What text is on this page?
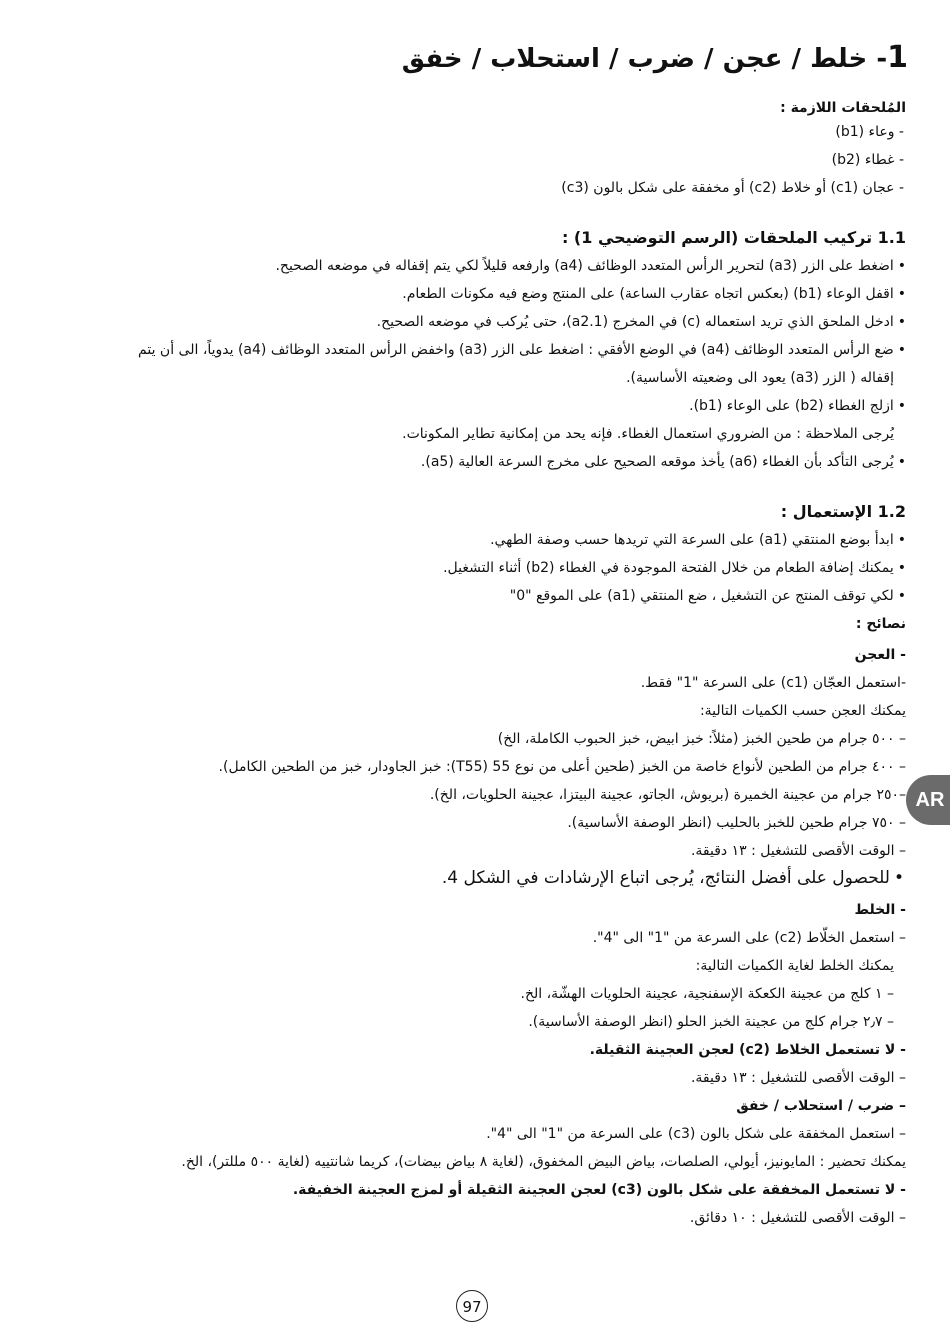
1- خلط / عجن / ضرب / استحلاب / خفق
المُلحقات اللازمة :
- وعاء (b1)
- غطاء (b2)
- عجان (c1) أو خلاط (c2) أو مخفقة على شكل بالون (c3)
1.1 تركيب الملحقات (الرسم التوضيحي 1) :
• اضغط على الزر (a3) لتحرير الرأس المتعدد الوظائف (a4) وارفعه قليلاً لكي يتم إقفاله في موضعه الصحيح.
• اقفل الوعاء (b1) (بعكس اتجاه عقارب الساعة) على المنتج وضع فيه مكونات الطعام.
• ادخل الملحق الذي تريد استعماله (c) في المخرج (a2.1)، حتى يُركب في موضعه الصحيح.
• ضع الرأس المتعدد الوظائف (a4) في الوضع الأفقي : اضغط على الزر (a3) واخفض الرأس المتعدد الوظائف (a4) يدوياً، الى أن يتم
إقفاله ( الزر (a3) يعود الى وضعيته الأساسية).
• ازلج الغطاء (b2) على الوعاء (b1).
يُرجى الملاحظة : من الضروري استعمال الغطاء. فإنه يحد من إمكانية تطاير المكونات.
• يُرجى التأكد بأن الغطاء (a6) يأخذ موقعه الصحيح على مخرج السرعة العالية (a5).
1.2 الإستعمال :
• ابدأ بوضع المنتقي (a1) على السرعة التي تريدها حسب وصفة الطهي.
• يمكنك إضافة الطعام من خلال الفتحة الموجودة في الغطاء (b2) أثناء التشغيل.
• لكي توقف المنتج عن التشغيل ، ضع المنتقي (a1) على الموقع "0"
نصائح :
- العجن
-استعمل العجّان (c1) على السرعة "1" فقط.
يمكنك العجن حسب الكميات التالية:
– ٥٠٠ جرام من طحين الخبز (مثلاً: خبز ابيض، خبز الحبوب الكاملة، الخ)
– ٤٠٠ جرام من الطحين لأنواع خاصة من الخبز (طحين أعلى من نوع 55 (T55): خبز الجاودار، خبز من الطحين الكامل).
–٢٥٠ جرام من عجينة الخميرة (بريوش، الجاتو، عجينة البيتزا، عجينة الحلويات، الخ).
– ٧٥٠ جرام طحين للخبز بالحليب (انظر الوصفة الأساسية).
– الوقت الأقصى للتشغيل : ١٣ دقيقة.
• للحصول على أفضل النتائج، يُرجى اتباع الإرشادات في الشكل 4.
- الخلط
– استعمل الخلّاط (c2) على السرعة من "1" الى "4".
يمكنك الخلط لغاية الكميات التالية:
– ١ كلج من عجينة الكعكة الإسفنجية، عجينة الحلويات الهشّة، الخ.
– ٢٫٧ جرام كلج من عجينة الخبز الحلو (انظر الوصفة الأساسية).
- لا تستعمل الخلاط (c2) لعجن العجينة الثقيلة.
– الوقت الأقصى للتشغيل : ١٣ دقيقة.
– ضرب / استحلاب / خفق
– استعمل المخفقة على شكل بالون (c3) على السرعة من "1" الى "4".
يمكنك تحضير : المايونيز، أيولي، الصلصات، بياض البيض المخفوق، (لغاية ٨ بياض بيضات)، كريما شانتييه (لغاية ٥٠٠ مللتر)، الخ.
- لا تستعمل المخفقة على شكل بالون (c3) لعجن العجينة الثقيلة أو لمزج العجينة الخفيفة.
– الوقت الأقصى للتشغيل : ١٠ دقائق.
AR
97
